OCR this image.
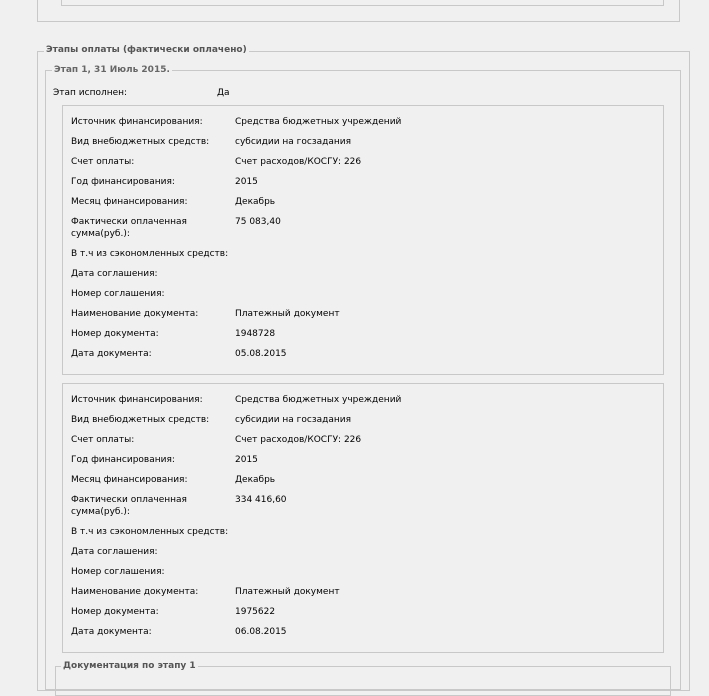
Этапы оплаты (фактически оплачено)
Этап 1, 31 Июль 2015.
Этап исполнен:	Да
Источник финансирования:	Средства бюджетных учреждений
Вид внебюджетных средств:	субсидии на госзадания
Счет оплаты:	Счет расходов/КОСГУ: 226
Год финансирования:	2015
Месяц финансирования:	Декабрь
Фактически оплаченная сумма(руб.):
75 083,40
В т.ч из сэкономленных средств:
Дата соглашения:
Номер соглашения:
Наименование документа:	Платежный документ
Номер документа:	1948728
Дата документа:	05.08.2015
Источник финансирования:	Средства бюджетных учреждений
Вид внебюджетных средств:	субсидии на госзадания
Счет оплаты:	Счет расходов/КОСГУ: 226
Год финансирования:	2015
Месяц финансирования:	Декабрь
Фактически оплаченная сумма(руб.):
334 416,60
В т.ч из сэкономленных средств:
Дата соглашения:
Номер соглашения:
Наименование документа:	Платежный документ
Номер документа:	1975622
Дата документа:	06.08.2015
Документация по этапу 1
